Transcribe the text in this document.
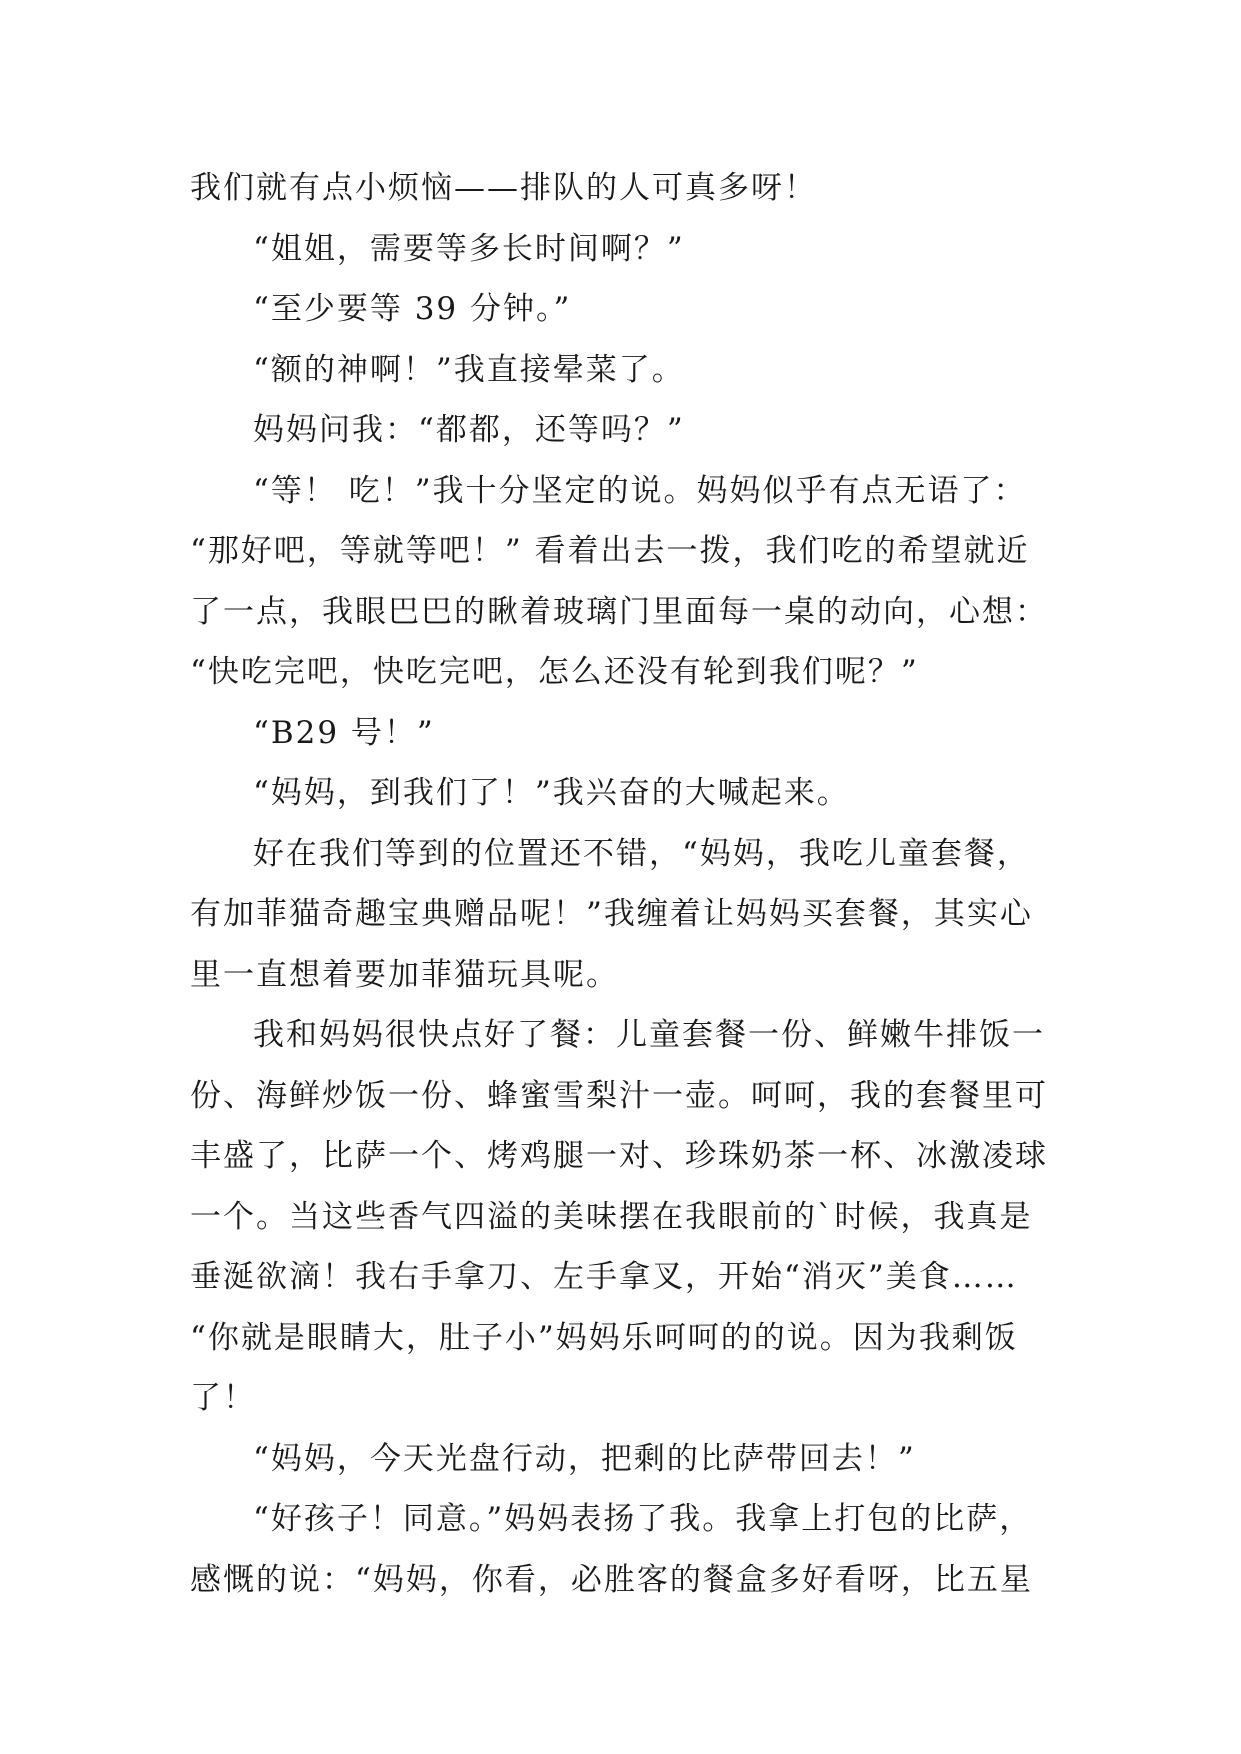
我们就有点小烦恼——排队的人可真多呀！
“姐姐，需要等多长时间啊？”
“至少要等 39 分钟。”
“额的神啊！”我直接晕菜了。
妈妈问我：“都都，还等吗？”
“等！ 吃！”我十分坚定的说。妈妈似乎有点无语了：
“那好吧，等就等吧！” 看着出去一拨，我们吃的希望就近
了一点，我眼巴巴的瞅着玻璃门里面每一桌的动向，心想：
“快吃完吧，快吃完吧，怎么还没有轮到我们呢？”
“B29 号！”
“妈妈，到我们了！”我兴奋的大喊起来。
好在我们等到的位置还不错，“妈妈，我吃儿童套餐，
有加菲猫奇趣宝典赠品呢！”我缠着让妈妈买套餐，其实心
里一直想着要加菲猫玩具呢。
我和妈妈很快点好了餐：儿童套餐一份、鲜嫩牛排饭一
份、海鲜炒饭一份、蜂蜜雪梨汁一壶。呵呵，我的套餐里可
丰盛了，比萨一个、烤鸡腿一对、珍珠奶茶一杯、冰激凌球
一个。当这些香气四溢的美味摆在我眼前的`时候，我真是
垂涎欲滴！我右手拿刀、左手拿叉，开始“消灭”美食……
“你就是眼睛大，肚子小”妈妈乐呵呵的的说。因为我剩饭
了！
“妈妈，今天光盘行动，把剩的比萨带回去！”
“好孩子！同意。”妈妈表扬了我。我拿上打包的比萨，
感慨的说：“妈妈，你看，必胜客的餐盒多好看呀，比五星
